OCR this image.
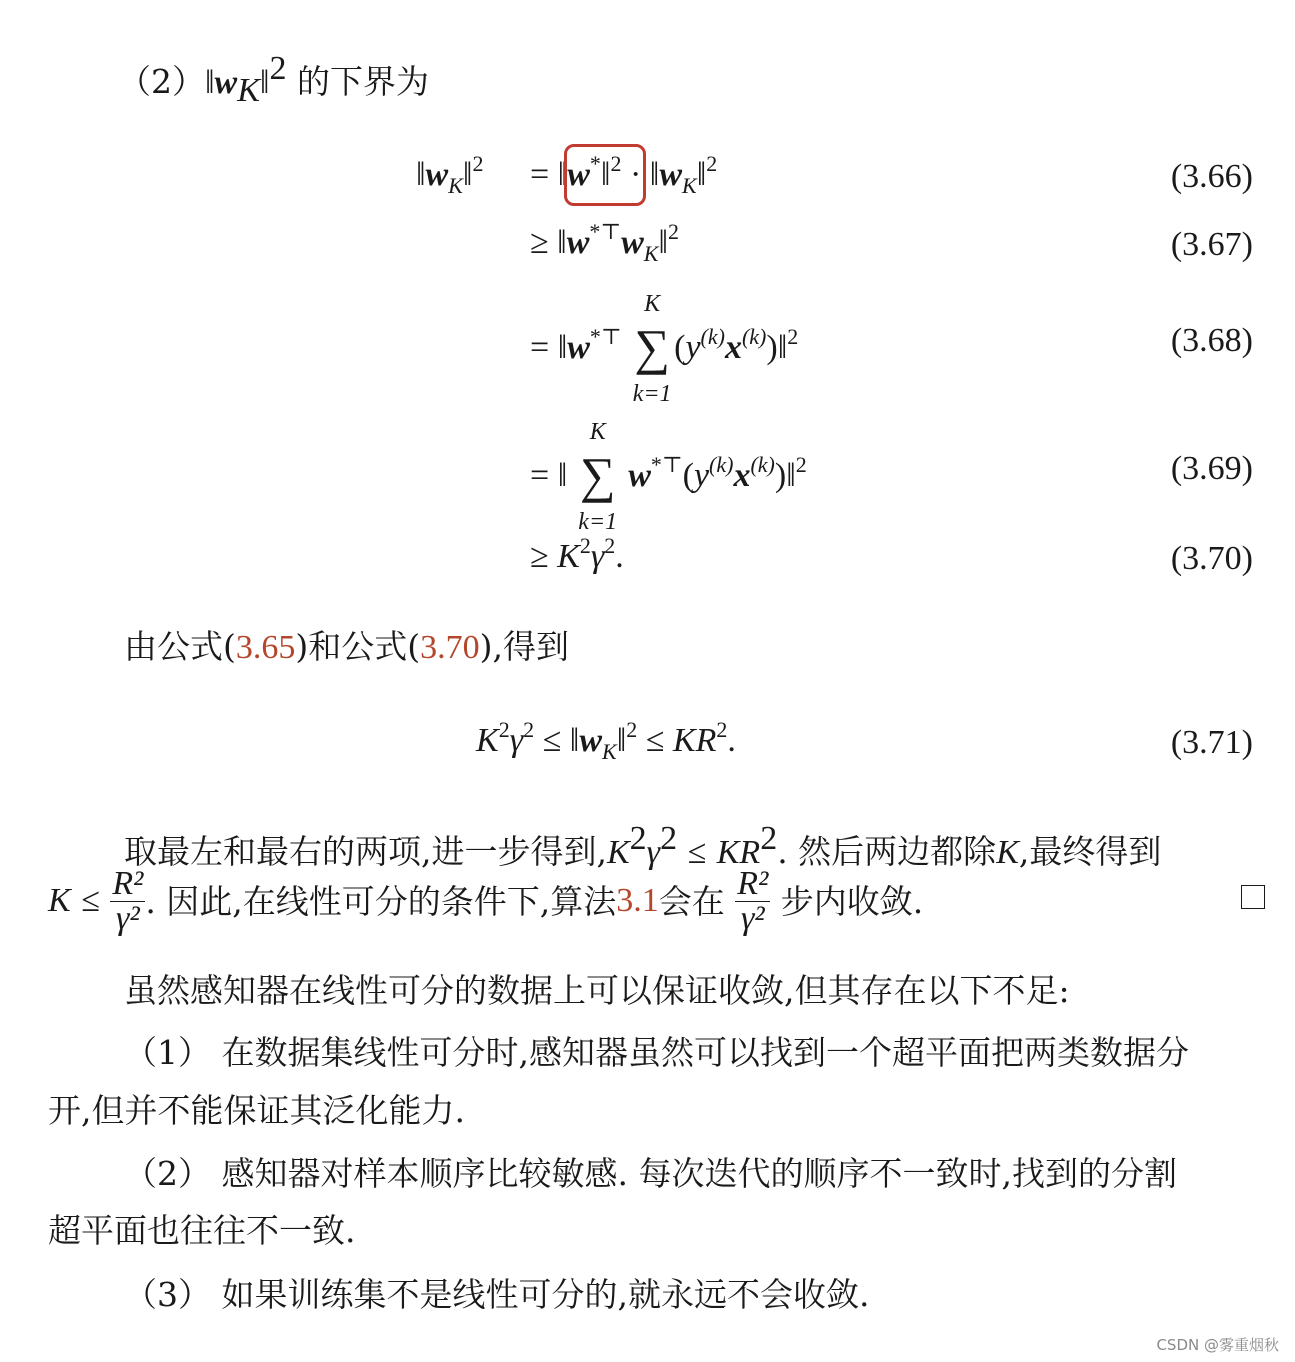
$(2)‖w_K‖^2$ 的下界为
$‖w_K‖^2$ = ‖w*‖$^2$ · $‖w_K‖^2$	(3.66)
≥ $‖w^{*⊤}w_K‖^2$	(3.67)
= ‖w*⊤
K
∑
k=1
$(y^{(k)}x^{(k)})‖^2$	(3.68)
= ‖
K
∑
k=1
$w^{*⊤}(y^{(k)}x^{(k)})‖^2$	(3.69)
≥ $K^2\gamma^2$.	(3.70)
由公式(3.65)和公式(3.70),得到
$K^2\gamma^2$ ≤ $‖w_K‖^2 \le KR^2$.	(3.71)
取最左和最右的两项,进一步得到$,K^2\gamma^2 \le KR^2$. 然后两边都除K,最终得到
K
≤
$\frac{\text{R²}}{\text{γ²}}$ . 因此,在线性可分的条件下,算法 3.1 会在
$\frac{\text{R²}}{\text{γ²}}$
步内收敛.
虽然感知器在线性可分的数据上可以保证收敛,但其存在以下不足:
（1） 在数据集线性可分时,感知器虽然可以找到一个超平面把两类数据分
开,但并不能保证其泛化能力.
（2） 感知器对样本顺序比较敏感. 每次迭代的顺序不一致时,找到的分割
超平面也往往不一致.
（3） 如果训练集不是线性可分的,就永远不会收敛.
CSDN @雾重烟秋
